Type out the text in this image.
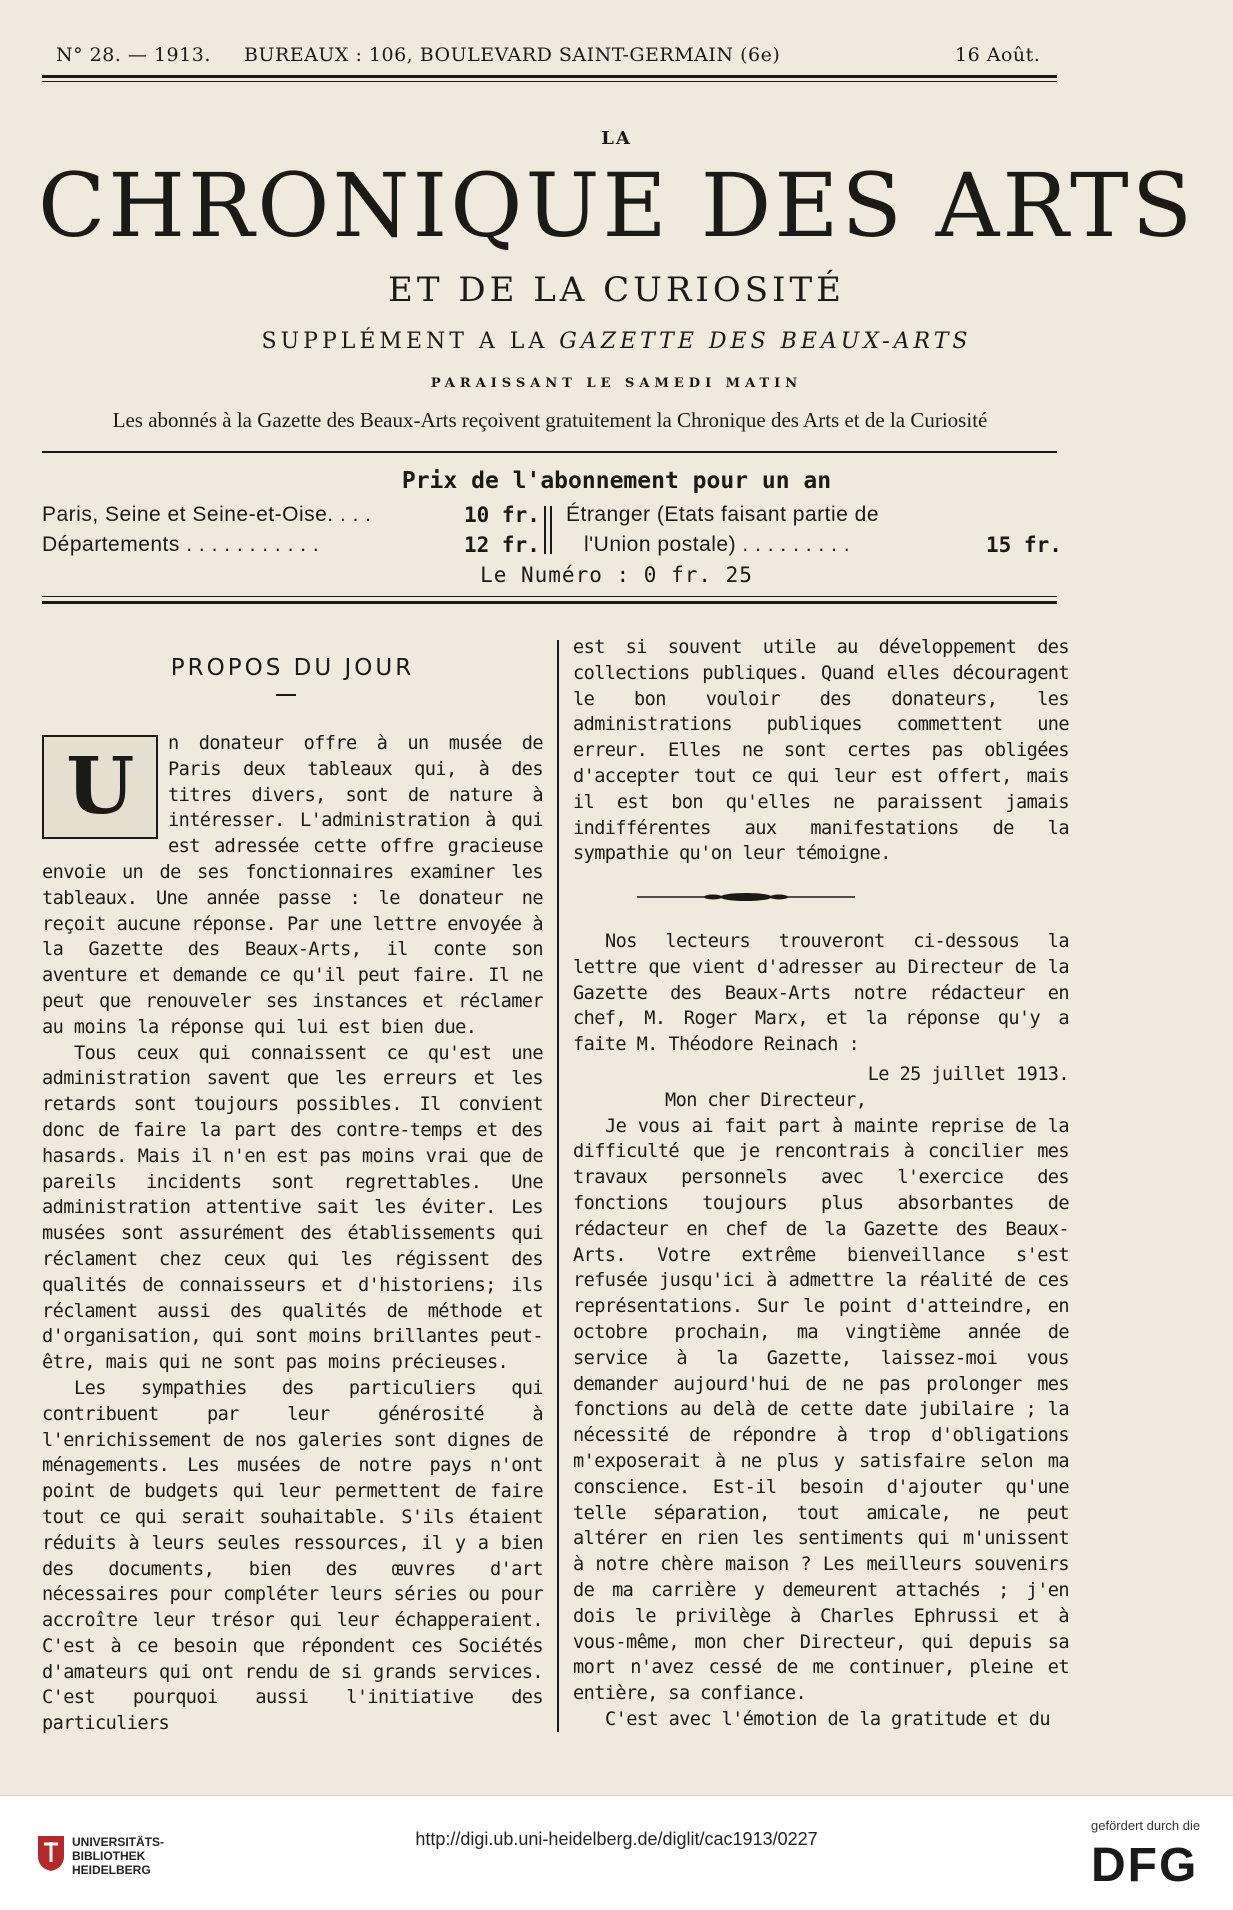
N° 28. — 1913. BUREAUX : 106, BOULEVARD SAINT-GERMAIN (6e)	16 Août.
LA
CHRONIQUE DES ARTS
ET DE LA CURIOSITÉ
SUPPLÉMENT A LA GAZETTE DES BEAUX-ARTS
PARAISSANT LE SAMEDI MATIN
Les abonnés à la Gazette des Beaux-Arts reçoivent gratuitement la Chronique des Arts et de la Curiosité
Prix de l'abonnement pour un an
Paris, Seine et Seine-et-Oise. . . .	10 fr.
Départements . . . . . . . . . . .	12 fr.
Étranger (Etats faisant partie de
l'Union postale) . . . . . . . . .	15 fr.
Le Numéro : 0 fr. 25
PROPOS DU JOUR
U	n donateur offre à un musée de Paris deux tableaux qui, à des titres divers, sont de nature à intéresser. L'administration à qui est adressée cette offre gracieuse envoie un de ses fonctionnaires examiner les tableaux. Une année passe : le donateur ne reçoit aucune réponse. Par une lettre envoyée à la Gazette des Beaux-Arts, il conte son aventure et demande ce qu'il peut faire. Il ne peut que renouveler ses instances et réclamer au moins la réponse qui lui est bien due.

Tous ceux qui connaissent ce qu'est une administration savent que les erreurs et les retards sont toujours possibles. Il convient donc de faire la part des contre-temps et des hasards. Mais il n'en est pas moins vrai que de pareils incidents sont regrettables. Une administration attentive sait les éviter. Les musées sont assurément des établissements qui réclament chez ceux qui les régissent des qualités de connaisseurs et d'historiens; ils réclament aussi des qualités de méthode et d'organisation, qui sont moins brillantes peut-être, mais qui ne sont pas moins précieuses.

Les sympathies des particuliers qui contribuent par leur générosité à l'enrichissement de nos galeries sont dignes de ménagements. Les musées de notre pays n'ont point de budgets qui leur permettent de faire tout ce qui serait souhaitable. S'ils étaient réduits à leurs seules ressources, il y a bien des documents, bien des œuvres d'art nécessaires pour compléter leurs séries ou pour accroître leur trésor qui leur échapperaient. C'est à ce besoin que répondent ces Sociétés d'amateurs qui ont rendu de si grands services. C'est pourquoi aussi l'initiative des particuliers

est si souvent utile au développement des collections publiques. Quand elles découragent le bon vouloir des donateurs, les administrations publiques commettent une erreur. Elles ne sont certes pas obligées d'accepter tout ce qui leur est offert, mais il est bon qu'elles ne paraissent jamais indifférentes aux manifestations de la sympathie qu'on leur témoigne.

Nos lecteurs trouveront ci-dessous la lettre que vient d'adresser au Directeur de la Gazette des Beaux-Arts notre rédacteur en chef, M. Roger Marx, et la réponse qu'y a faite M. Théodore Reinach :

Le 25 juillet 1913.

Mon cher Directeur,

Je vous ai fait part à mainte reprise de la difficulté que je rencontrais à concilier mes travaux personnels avec l'exercice des fonctions toujours plus absorbantes de rédacteur en chef de la Gazette des Beaux-Arts. Votre extrême bienveillance s'est refusée jusqu'ici à admettre la réalité de ces représentations. Sur le point d'atteindre, en octobre prochain, ma vingtième année de service à la Gazette, laissez-moi vous demander aujourd'hui de ne pas prolonger mes fonctions au delà de cette date jubilaire ; la nécessité de répondre à trop d'obligations m'exposerait à ne plus y satisfaire selon ma conscience. Est-il besoin d'ajouter qu'une telle séparation, tout amicale, ne peut altérer en rien les sentiments qui m'unissent à notre chère maison ? Les meilleurs souvenirs de ma carrière y demeurent attachés ; j'en dois le privilège à Charles Ephrussi et à vous-même, mon cher Directeur, qui depuis sa mort n'avez cessé de me continuer, pleine et entière, sa confiance.

C'est avec l'émotion de la gratitude et du

UNIVERSITÄTS-
BIBLIOTHEK
HEIDELBERG
http://digi.ub.uni-heidelberg.de/diglit/cac1913/0227
gefördert durch die
DFG
